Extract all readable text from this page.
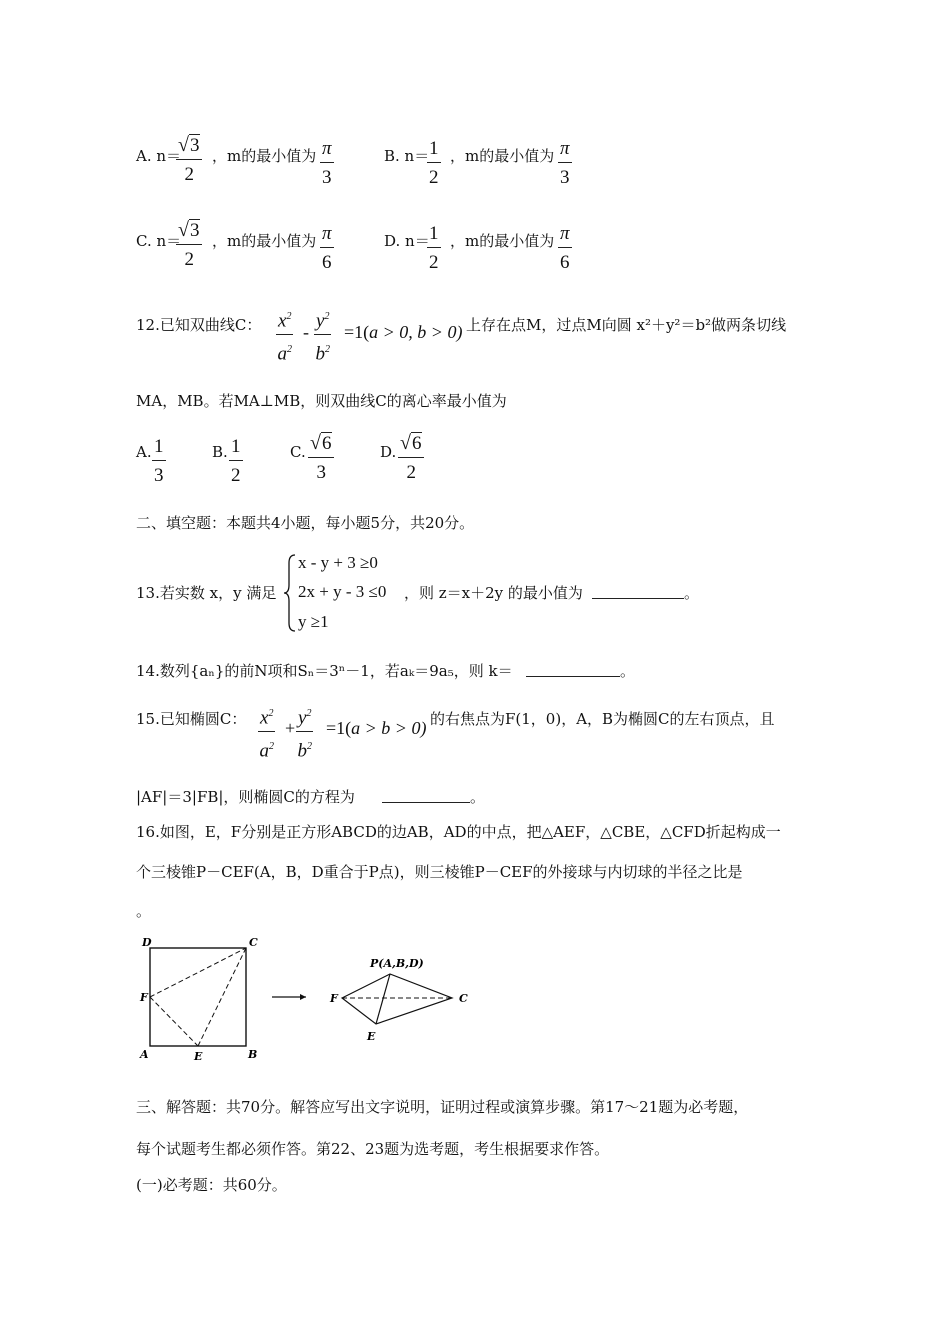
A. n＝
$\frac{√3}{2}$ ，m的最小值为 $\frac{\pi}{3}$	B. n＝
$\frac{1}{2}$ ，m的最小值为 $\frac{\pi}{3}$
C. n＝
$\frac{√3}{2}$ ，m的最小值为 $\frac{\pi}{6}$	D. n＝
$\frac{1}{2}$ ，m的最小值为 $\frac{\pi}{6}$
12.已知双曲线C： $\frac{x^2}{a^2} - \frac{y^2}{b^2} =1(a > 0$, b > 0) 上存在点M，过点M向圆 x²＋y²＝b²做两条切线
MA，MB。若MA⊥MB，则双曲线C的离心率最小值为
A. $\frac{1}{3}$	B. $\frac{1}{2}$	C. $\frac{√6}{3}$	D. $\frac{√6}{2}$
二、填空题：本题共4小题，每小题5分，共20分。
13.若实数 x，y 满足
x - y + 3 ≥0
2x + y - 3 ≤0
y ≥1
，则 z＝x＋2y 的最小值为	。
14.数列{aₙ}的前N项和Sₙ＝3ⁿ－1，若aₖ＝9a₅，则 k＝	。
15.已知椭圆C： $\frac{x^2}{a^2} + \frac{y^2}{b^2} =1(a > b > 0)$ 的右焦点为F(1，0)，A，B为椭圆C的左右顶点，且
|AF|＝3|FB|，则椭圆C的方程为	。
16.如图，E，F分别是正方形ABCD的边AB，AD的中点，把△AEF，△CBE，△CFD折起构成一
个三棱锥P－CEF(A，B，D重合于P点)，则三棱锥P－CEF的外接球与内切球的半径之比是
。
D	C
F
A	E	B
P(A,B,D)
F	C
E
三、解答题：共70分。解答应写出文字说明，证明过程或演算步骤。第17～21题为必考题，
每个试题考生都必须作答。第22、23题为选考题，考生根据要求作答。
(一)必考题：共60分。
